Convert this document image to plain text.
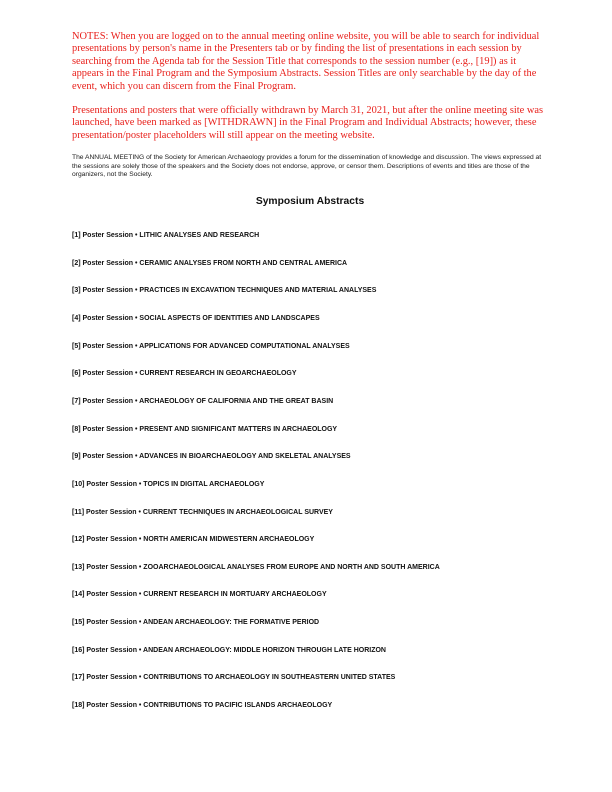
NOTES: When you are logged on to the annual meeting online website, you will be able to search for individual presentations by person's name in the Presenters tab or by finding the list of presentations in each session by searching from the Agenda tab for the Session Title that corresponds to the session number (e.g., [19]) as it appears in the Final Program and the Symposium Abstracts. Session Titles are only searchable by the day of the event, which you can discern from the Final Program.

Presentations and posters that were officially withdrawn by March 31, 2021, but after the online meeting site was launched, have been marked as [WITHDRAWN] in the Final Program and Individual Abstracts; however, these presentation/poster placeholders will still appear on the meeting website.

The ANNUAL MEETING of the Society for American Archaeology provides a forum for the dissemination of knowledge and discussion. The views expressed at the sessions are solely those of the speakers and the Society does not endorse, approve, or censor them. Descriptions of events and titles are those of the organizers, not the Society.

Symposium Abstracts
[1] Poster Session • LITHIC ANALYSES AND RESEARCH
[2] Poster Session • CERAMIC ANALYSES FROM NORTH AND CENTRAL AMERICA
[3] Poster Session • PRACTICES IN EXCAVATION TECHNIQUES AND MATERIAL ANALYSES
[4] Poster Session • SOCIAL ASPECTS OF IDENTITIES AND LANDSCAPES
[5] Poster Session • APPLICATIONS FOR ADVANCED COMPUTATIONAL ANALYSES
[6] Poster Session • CURRENT RESEARCH IN GEOARCHAEOLOGY
[7] Poster Session • ARCHAEOLOGY OF CALIFORNIA AND THE GREAT BASIN
[8] Poster Session • PRESENT AND SIGNIFICANT MATTERS IN ARCHAEOLOGY
[9] Poster Session • ADVANCES IN BIOARCHAEOLOGY AND SKELETAL ANALYSES
[10] Poster Session • TOPICS IN DIGITAL ARCHAEOLOGY
[11] Poster Session • CURRENT TECHNIQUES IN ARCHAEOLOGICAL SURVEY
[12] Poster Session • NORTH AMERICAN MIDWESTERN ARCHAEOLOGY
[13] Poster Session • ZOOARCHAEOLOGICAL ANALYSES FROM EUROPE AND NORTH AND SOUTH AMERICA
[14] Poster Session • CURRENT RESEARCH IN MORTUARY ARCHAEOLOGY
[15] Poster Session • ANDEAN ARCHAEOLOGY: THE FORMATIVE PERIOD
[16] Poster Session • ANDEAN ARCHAEOLOGY: MIDDLE HORIZON THROUGH LATE HORIZON
[17] Poster Session • CONTRIBUTIONS TO ARCHAEOLOGY IN SOUTHEASTERN UNITED STATES
[18] Poster Session • CONTRIBUTIONS TO PACIFIC ISLANDS ARCHAEOLOGY
